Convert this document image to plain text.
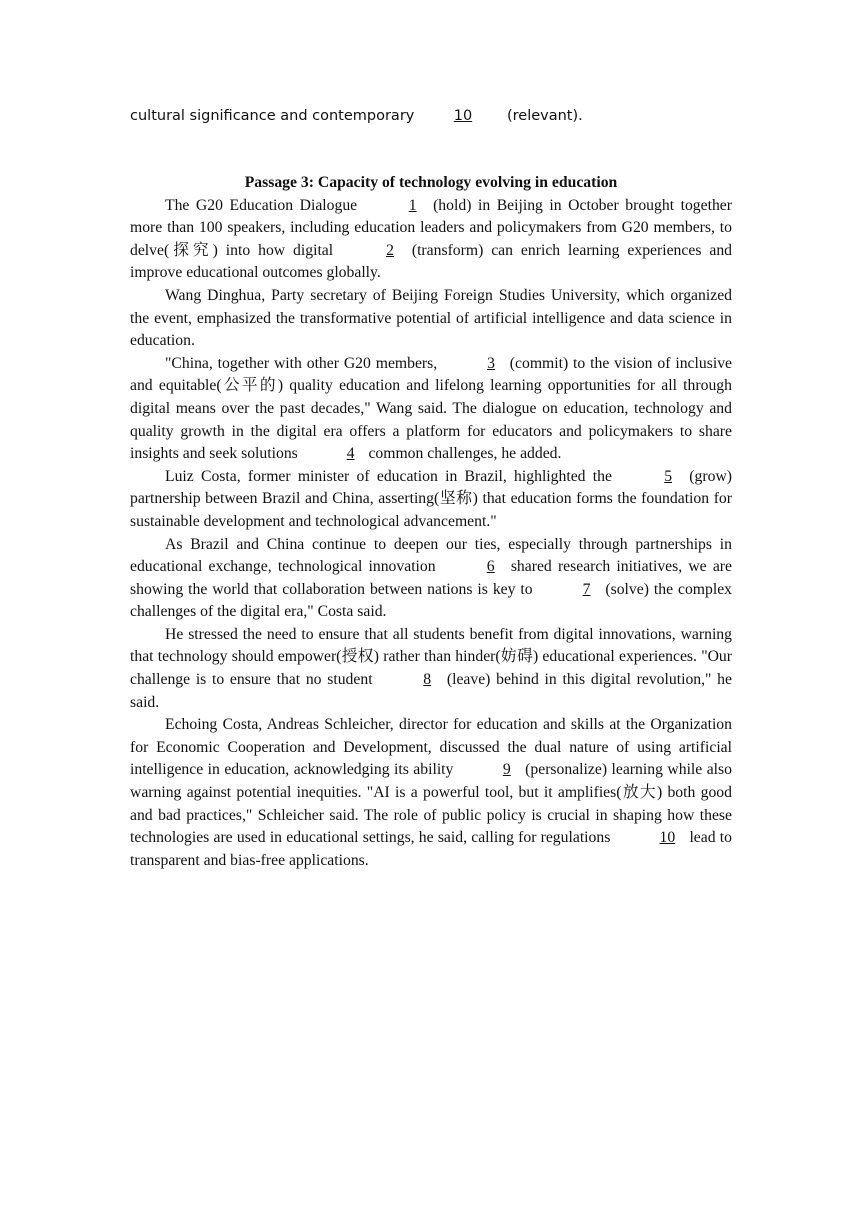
cultural significance and contemporary 10 (relevant).
Passage 3: Capacity of technology evolving in education

The G20 Education Dialogue	1 (hold) in Beijing in October brought together more than 100 speakers, including education leaders and policymakers from G20 members, to delve(探究) into how digital	2 (transform) can enrich learning experiences and improve educational outcomes globally.

Wang Dinghua, Party secretary of Beijing Foreign Studies University, which organized the event, emphasized the transformative potential of artificial intelligence and data science in education.

"China, together with other G20 members,	3 (commit) to the vision of inclusive and equitable(公平的) quality education and lifelong learning opportunities for all through digital means over the past decades," Wang said. The dialogue on education, technology and quality growth in the digital era offers a platform for educators and policymakers to share insights and seek solutions	4 common challenges, he added.

Luiz Costa, former minister of education in Brazil, highlighted the	5 (grow) partnership between Brazil and China, asserting(坚称) that education forms the foundation for sustainable development and technological advancement."

As Brazil and China continue to deepen our ties, especially through partnerships in educational exchange, technological innovation	6 shared research initiatives, we are showing the world that collaboration between nations is key to	7 (solve) the complex challenges of the digital era," Costa said.

He stressed the need to ensure that all students benefit from digital innovations, warning that technology should empower(授权) rather than hinder(妨碍) educational experiences. "Our challenge is to ensure that no student	8 (leave) behind in this digital revolution," he said.

Echoing Costa, Andreas Schleicher, director for education and skills at the Organization for Economic Cooperation and Development, discussed the dual nature of using artificial intelligence in education, acknowledging its ability	9 (personalize) learning while also warning against potential inequities. "AI is a powerful tool, but it amplifies(放大) both good and bad practices," Schleicher said. The role of public policy is crucial in shaping how these technologies are used in educational settings, he said, calling for regulations	10 lead to transparent and bias-free applications.
